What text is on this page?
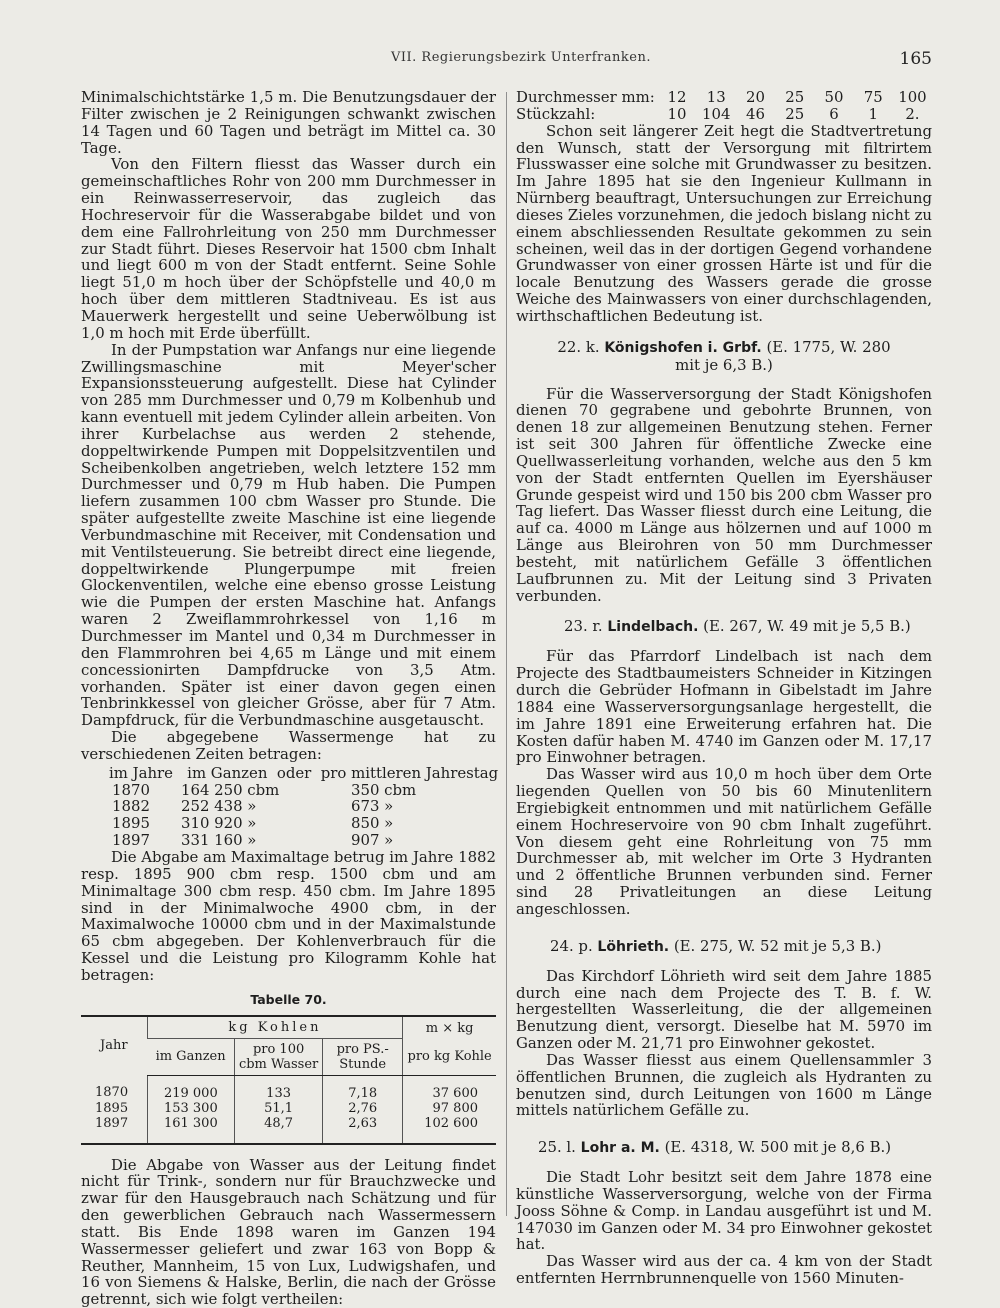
VII. Regierungsbezirk Unterfranken.	165

Minimalschichtstärke 1,5 m. Die Benutzungsdauer der Filter zwischen je 2 Reinigungen schwankt zwischen 14 Tagen und 60 Tagen und beträgt im Mittel ca. 30 Tage.

Von den Filtern fliesst das Wasser durch ein gemeinschaftliches Rohr von 200 mm Durchmesser in ein Reinwasserreservoir, das zugleich das Hochreservoir für die Wasserabgabe bildet und von dem eine Fallrohrleitung von 250 mm Durchmesser zur Stadt führt. Dieses Reservoir hat 1500 cbm Inhalt und liegt 600 m von der Stadt entfernt. Seine Sohle liegt 51,0 m hoch über der Schöpfstelle und 40,0 m hoch über dem mittleren Stadtniveau. Es ist aus Mauerwerk hergestellt und seine Ueberwölbung ist 1,0 m hoch mit Erde überfüllt.

In der Pumpstation war Anfangs nur eine liegende Zwillingsmaschine mit Meyer'scher Expansionssteuerung aufgestellt. Diese hat Cylinder von 285 mm Durchmesser und 0,79 m Kolbenhub und kann eventuell mit jedem Cylinder allein arbeiten. Von ihrer Kurbelachse aus werden 2 stehende, doppeltwirkende Pumpen mit Doppelsitzventilen und Scheibenkolben angetrieben, welch letztere 152 mm Durchmesser und 0,79 m Hub haben. Die Pumpen liefern zusammen 100 cbm Wasser pro Stunde. Die später aufgestellte zweite Maschine ist eine liegende Verbundmaschine mit Receiver, mit Condensation und mit Ventilsteuerung. Sie betreibt direct eine liegende, doppeltwirkende Plungerpumpe mit freien Glockenventilen, welche eine ebenso grosse Leistung wie die Pumpen der ersten Maschine hat. Anfangs waren 2 Zweiflammrohrkessel von 1,16 m Durchmesser im Mantel und 0,34 m Durchmesser in den Flammrohren bei 4,65 m Länge und mit einem concessionirten Dampfdrucke von 3,5 Atm. vorhanden. Später ist einer davon gegen einen Tenbrinkkessel von gleicher Grösse, aber für 7 Atm. Dampfdruck, für die Verbundmaschine ausgetauscht.

Die abgegebene Wassermenge hat zu verschiedenen Zeiten betragen:

im Jahre   im Ganzen  oder  pro mittleren Jahrestag
1870	164 250 cbm	350 cbm
1882	252 438 »	673 »
1895	310 920 »	850 »
1897	331 160 »	907 »

Die Abgabe am Maximaltage betrug im Jahre 1882 resp. 1895 900 cbm resp. 1500 cbm und am Minimaltage 300 cbm resp. 450 cbm. Im Jahre 1895 sind in der Minimalwoche 4900 cbm, in der Maximalwoche 10000 cbm und in der Maximalstunde 65 cbm abgegeben. Der Kohlenverbrauch für die Kessel und die Leistung pro Kilogramm Kohle hat betragen:

Tabelle 70.
Jahr	kg Kohlen			m × kg
	im Ganzen	pro 100 cbm Wasser	pro PS.-Stunde	pro kg Kohle
1870	219 000	133	7,18	37 600
1895	153 300	51,1	2,76	97 800
1897	161 300	48,7	2,63	102 600

Die Abgabe von Wasser aus der Leitung findet nicht für Trink-, sondern nur für Brauchzwecke und zwar für den Hausgebrauch nach Schätzung und für den gewerblichen Gebrauch nach Wassermessern statt. Bis Ende 1898 waren im Ganzen 194 Wassermesser geliefert und zwar 163 von Bopp & Reuther, Mannheim, 15 von Lux, Ludwigshafen, und 16 von Siemens & Halske, Berlin, die nach der Grösse getrennt, sich wie folgt vertheilen:

Durchmesser mm: 12	13	20	25	50	75	100
Stückzahl:	10	104	46	25	6	1	2.

Schon seit längerer Zeit hegt die Stadtvertretung den Wunsch, statt der Versorgung mit filtrirtem Flusswasser eine solche mit Grundwasser zu besitzen. Im Jahre 1895 hat sie den Ingenieur Kullmann in Nürnberg beauftragt, Untersuchungen zur Erreichung dieses Zieles vorzunehmen, die jedoch bislang nicht zu einem abschliessenden Resultate gekommen zu sein scheinen, weil das in der dortigen Gegend vorhandene Grundwasser von einer grossen Härte ist und für die locale Benutzung des Wassers gerade die grosse Weiche des Mainwassers von einer durchschlagenden, wirthschaftlichen Bedeutung ist.

22. k. Königshofen i. Grbf. (E. 1775, W. 280
mit je 6,3 B.)

Für die Wasserversorgung der Stadt Königshofen dienen 70 gegrabene und gebohrte Brunnen, von denen 18 zur allgemeinen Benutzung stehen. Ferner ist seit 300 Jahren für öffentliche Zwecke eine Quellwasserleitung vorhanden, welche aus den 5 km von der Stadt entfernten Quellen im Eyershäuser Grunde gespeist wird und 150 bis 200 cbm Wasser pro Tag liefert. Das Wasser fliesst durch eine Leitung, die auf ca. 4000 m Länge aus hölzernen und auf 1000 m Länge aus Bleirohren von 50 mm Durchmesser besteht, mit natürlichem Gefälle 3 öffentlichen Laufbrunnen zu. Mit der Leitung sind 3 Privaten verbunden.

23. r. Lindelbach. (E. 267, W. 49 mit je 5,5 B.)

Für das Pfarrdorf Lindelbach ist nach dem Projecte des Stadtbaumeisters Schneider in Kitzingen durch die Gebrüder Hofmann in Gibelstadt im Jahre 1884 eine Wasserversorgungsanlage hergestellt, die im Jahre 1891 eine Erweiterung erfahren hat. Die Kosten dafür haben M. 4740 im Ganzen oder M. 17,17 pro Einwohner betragen.

Das Wasser wird aus 10,0 m hoch über dem Orte liegenden Quellen von 50 bis 60 Minutenlitern Ergiebigkeit entnommen und mit natürlichem Gefälle einem Hochreservoire von 90 cbm Inhalt zugeführt. Von diesem geht eine Rohrleitung von 75 mm Durchmesser ab, mit welcher im Orte 3 Hydranten und 2 öffentliche Brunnen verbunden sind. Ferner sind 28 Privatleitungen an diese Leitung angeschlossen.

24. p. Löhrieth. (E. 275, W. 52 mit je 5,3 B.)

Das Kirchdorf Löhrieth wird seit dem Jahre 1885 durch eine nach dem Projecte des T. B. f. W. hergestellten Wasserleitung, die der allgemeinen Benutzung dient, versorgt. Dieselbe hat M. 5970 im Ganzen oder M. 21,71 pro Einwohner gekostet.

Das Wasser fliesst aus einem Quellensammler 3 öffentlichen Brunnen, die zugleich als Hydranten zu benutzen sind, durch Leitungen von 1600 m Länge mittels natürlichem Gefälle zu.

25. l. Lohr a. M. (E. 4318, W. 500 mit je 8,6 B.)

Die Stadt Lohr besitzt seit dem Jahre 1878 eine künstliche Wasserversorgung, welche von der Firma Jooss Söhne & Comp. in Landau ausgeführt ist und M. 147030 im Ganzen oder M. 34 pro Einwohner gekostet hat.

Das Wasser wird aus der ca. 4 km von der Stadt entfernten Herrnbrunnenquelle von 1560 Minuten-
